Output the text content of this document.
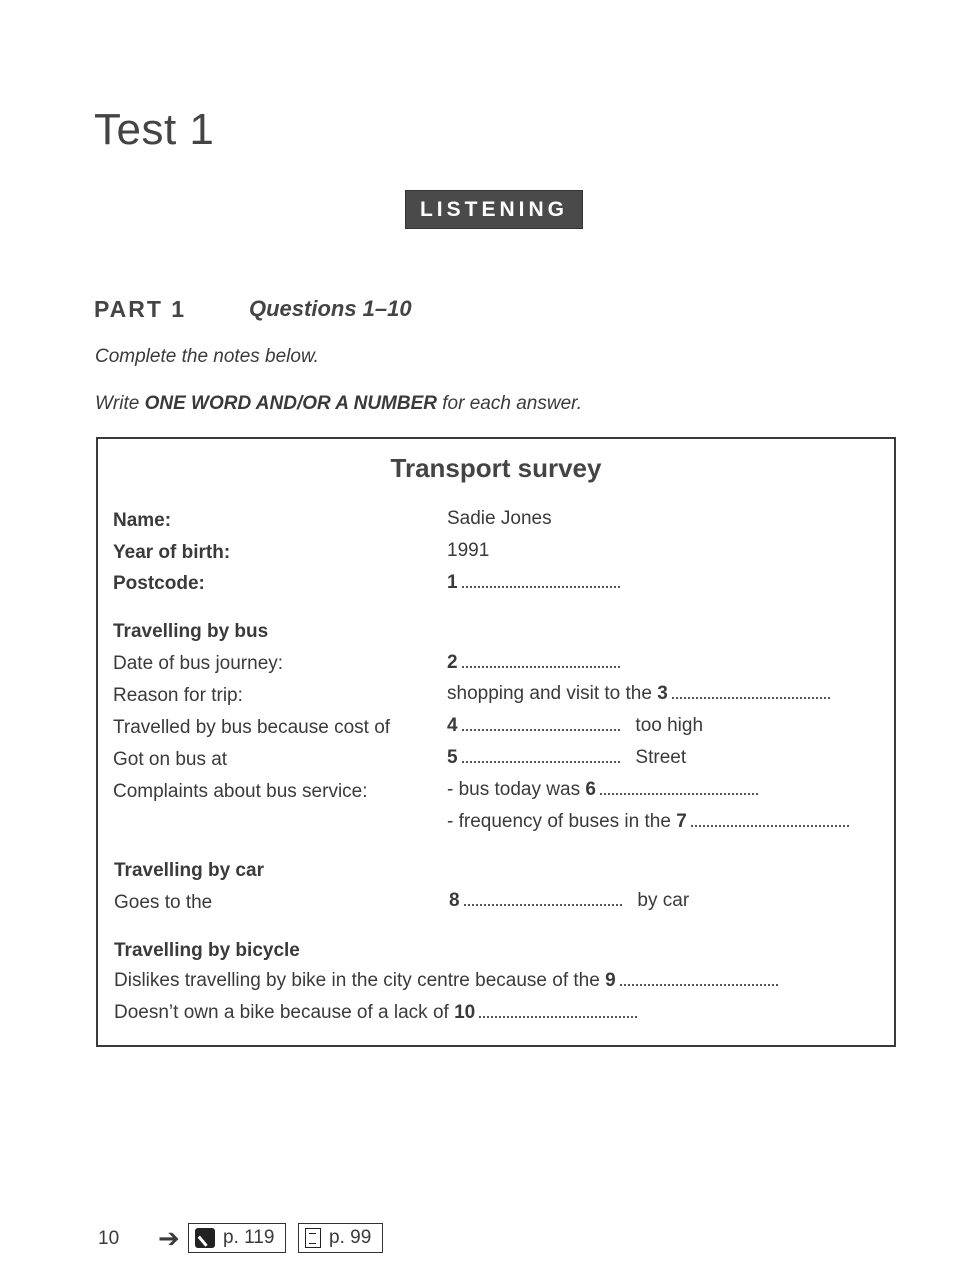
Test 1
LISTENING
PART 1	Questions 1–10
Complete the notes below.
Write ONE WORD AND/OR A NUMBER for each answer.
Transport survey
Name:	Sadie Jones
Year of birth:	1991
Postcode:	1
Travelling by bus
Date of bus journey:	2
Reason for trip:	shopping and visit to the 3
Travelled by bus because cost of	4	too high
Got on bus at	5	Street
Complaints about bus service:	- bus today was 6
- frequency of buses in the 7
Travelling by car
Goes to the	8	by car
Travelling by bicycle
Dislikes travelling by bike in the city centre because of the 9
Doesn’t own a bike because of a lack of 10
10 ➔ p. 119	p. 99
